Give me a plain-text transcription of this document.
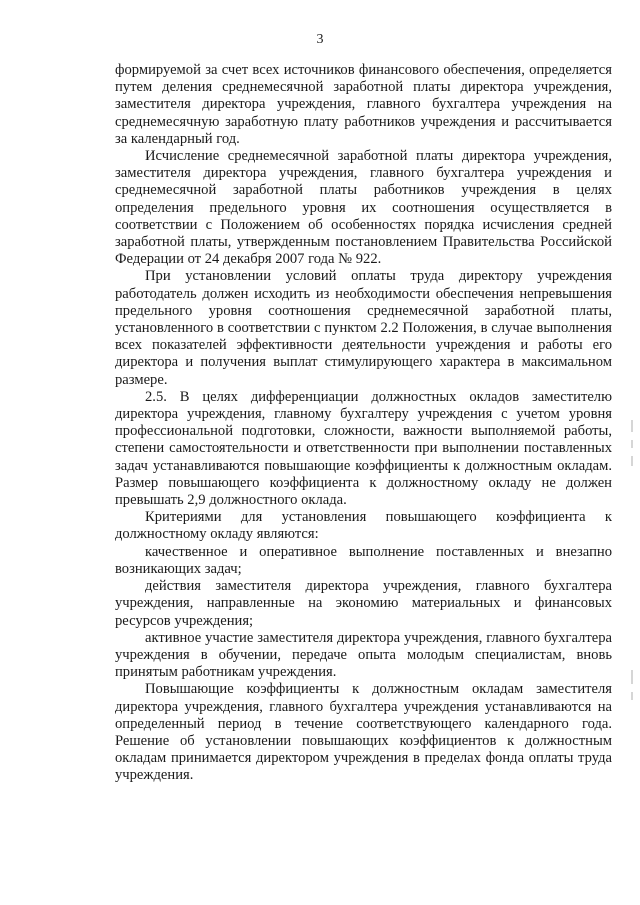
3

формируемой за счет всех источников финансового обеспечения, определяется путем деления среднемесячной заработной платы директора учреждения, заместителя директора учреждения, главного бухгалтера учреждения на среднемесячную заработную плату работников учреждения и рассчитывается за календарный год.

Исчисление среднемесячной заработной платы директора учреждения, заместителя директора учреждения, главного бухгалтера учреждения и среднемесячной заработной платы работников учреждения в целях определения предельного уровня их соотношения осуществляется в соответствии с Положением об особенностях порядка исчисления средней заработной платы, утвержденным постановлением Правительства Российской Федерации от 24 декабря 2007 года № 922.

При установлении условий оплаты труда директору учреждения работодатель должен исходить из необходимости обеспечения непревышения предельного уровня соотношения среднемесячной заработной платы, установленного в соответствии с пунктом 2.2 Положения, в случае выполнения всех показателей эффективности деятельности учреждения и работы его директора и получения выплат стимулирующего характера в максимальном размере.

2.5. В целях дифференциации должностных окладов заместителю директора учреждения, главному бухгалтеру учреждения с учетом уровня профессиональной подготовки, сложности, важности выполняемой работы, степени самостоятельности и ответственности при выполнении поставленных задач устанавливаются повышающие коэффициенты к должностным окладам. Размер повышающего коэффициента к должностному окладу не должен превышать 2,9 должностного оклада.

Критериями для установления повышающего коэффициента к должностному окладу являются:

качественное и оперативное выполнение поставленных и внезапно возникающих задач;

действия заместителя директора учреждения, главного бухгалтера учреждения, направленные на экономию материальных и финансовых ресурсов учреждения;

активное участие заместителя директора учреждения, главного бухгалтера учреждения в обучении, передаче опыта молодым специалистам, вновь принятым работникам учреждения.

Повышающие коэффициенты к должностным окладам заместителя директора учреждения, главного бухгалтера учреждения устанавливаются на определенный период в течение соответствующего календарного года. Решение об установлении повышающих коэффициентов к должностным окладам принимается директором учреждения в пределах фонда оплаты труда учреждения.
